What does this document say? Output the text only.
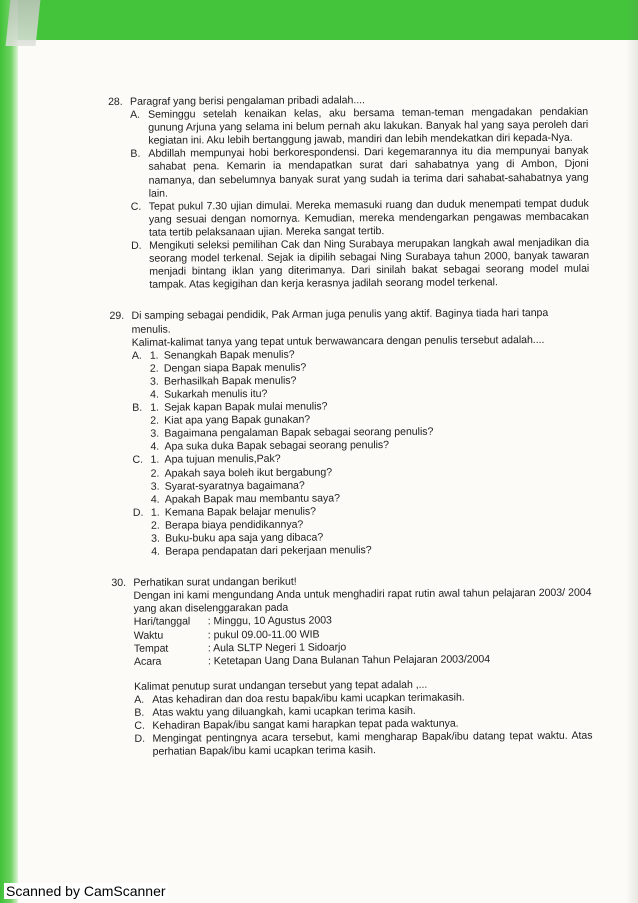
28. Paragraf yang berisi pengalaman pribadi adalah....
A. Seminggu setelah kenaikan kelas, aku bersama teman-teman mengadakan pendakian gunung Arjuna yang selama ini belum pernah aku lakukan. Banyak hal yang saya peroleh dari kegiatan ini. Aku lebih bertanggung jawab, mandiri dan lebih mendekatkan diri kepada-Nya.
B. Abdillah mempunyai hobi berkorespondensi. Dari kegemarannya itu dia mempunyai banyak sahabat pena. Kemarin ia mendapatkan surat dari sahabatnya yang di Ambon, Djoni namanya, dan sebelumnya banyak surat yang sudah ia terima dari sahabat-sahabatnya yang lain.
C. Tepat pukul 7.30 ujian dimulai. Mereka memasuki ruang dan duduk menempati tempat duduk yang sesuai dengan nomornya. Kemudian, mereka mendengarkan pengawas membacakan tata tertib pelaksanaan ujian. Mereka sangat tertib.
D. Mengikuti seleksi pemilihan Cak dan Ning Surabaya merupakan langkah awal menjadikan dia seorang model terkenal. Sejak ia dipilih sebagai Ning Surabaya tahun 2000, banyak tawaran menjadi bintang iklan yang diterimanya. Dari sinilah bakat sebagai seorang model mulai tampak. Atas kegigihan dan kerja kerasnya jadilah seorang model terkenal.
29. Di samping sebagai pendidik, Pak Arman juga penulis yang aktif. Baginya tiada hari tanpa menulis.
Kalimat-kalimat tanya yang tepat untuk berwawancara dengan penulis tersebut adalah....
A. 1. Senangkah Bapak menulis?
2. Dengan siapa Bapak menulis?
3. Berhasilkah Bapak menulis?
4. Sukarkah menulis itu?
B. 1. Sejak kapan Bapak mulai menulis?
2. Kiat apa yang Bapak gunakan?
3. Bagaimana pengalaman Bapak sebagai seorang penulis?
4. Apa suka duka Bapak sebagai seorang penulis?
C. 1. Apa tujuan menulis,Pak?
2. Apakah saya boleh ikut bergabung?
3. Syarat-syaratnya bagaimana?
4. Apakah Bapak mau membantu saya?
D. 1. Kemana Bapak belajar menulis?
2. Berapa biaya pendidikannya?
3. Buku-buku apa saja yang dibaca?
4. Berapa pendapatan dari pekerjaan menulis?
30. Perhatikan surat undangan berikut!
Dengan ini kami mengundang Anda untuk menghadiri rapat rutin awal tahun pelajaran 2003/ 2004 yang akan diselenggarakan pada
Hari/tanggal	: Minggu, 10 Agustus 2003
Waktu	: pukul 09.00-11.00 WIB
Tempat	: Aula SLTP Negeri 1 Sidoarjo
Acara	: Ketetapan Uang Dana Bulanan Tahun Pelajaran 2003/2004
Kalimat penutup surat undangan tersebut yang tepat adalah ,...
A. Atas kehadiran dan doa restu bapak/ibu kami ucapkan terimakasih.
B. Atas waktu yang diluangkah, kami ucapkan terima kasih.
C. Kehadiran Bapak/ibu sangat kami harapkan tepat pada waktunya.
D. Mengingat pentingnya acara tersebut, kami mengharap Bapak/ibu datang tepat waktu. Atas perhatian Bapak/ibu kami ucapkan terima kasih.
Scanned by CamScanner
